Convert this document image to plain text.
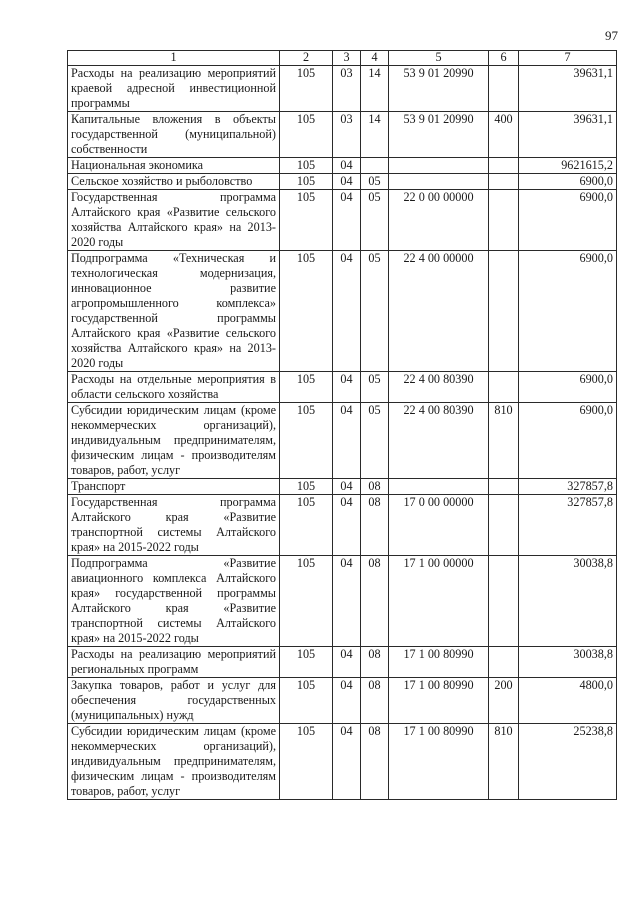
97
1	2	3	4	5	6	7
Расходы на реализацию мероприятий краевой адресной инвестиционной программы	105	03	14	53 9 01 20990		39631,1
Капитальные вложения в объекты государственной (муниципальной) собственности	105	03	14	53 9 01 20990	400	39631,1
Национальная экономика	105	04				9621615,2
Сельское хозяйство и рыболовство	105	04	05			6900,0
Государственная программа Алтайского края «Развитие сельского хозяйства Алтайского края» на 2013-2020 годы	105	04	05	22 0 00 00000		6900,0
Подпрограмма «Техническая и технологическая модернизация, инновационное развитие агропромышленного комплекса» государственной программы Алтайского края «Развитие сельского хозяйства Алтайского края» на 2013-2020 годы	105	04	05	22 4 00 00000		6900,0
Расходы на отдельные мероприятия в области сельского хозяйства	105	04	05	22 4 00 80390		6900,0
Субсидии юридическим лицам (кроме некоммерческих организаций), индивидуальным предпринимателям, физическим лицам - производителям товаров, работ, услуг	105	04	05	22 4 00 80390	810	6900,0
Транспорт	105	04	08			327857,8
Государственная программа Алтайского края «Развитие транспортной системы Алтайского края» на 2015-2022 годы	105	04	08	17 0 00 00000		327857,8
Подпрограмма «Развитие авиационного комплекса Алтайского края» государственной программы Алтайского края «Развитие транспортной системы Алтайского края» на 2015-2022 годы	105	04	08	17 1 00 00000		30038,8
Расходы на реализацию мероприятий региональных программ	105	04	08	17 1 00 80990		30038,8
Закупка товаров, работ и услуг для обеспечения государственных (муниципальных) нужд	105	04	08	17 1 00 80990	200	4800,0
Субсидии юридическим лицам (кроме некоммерческих организаций), индивидуальным предпринимателям, физическим лицам - производителям товаров, работ, услуг	105	04	08	17 1 00 80990	810	25238,8
